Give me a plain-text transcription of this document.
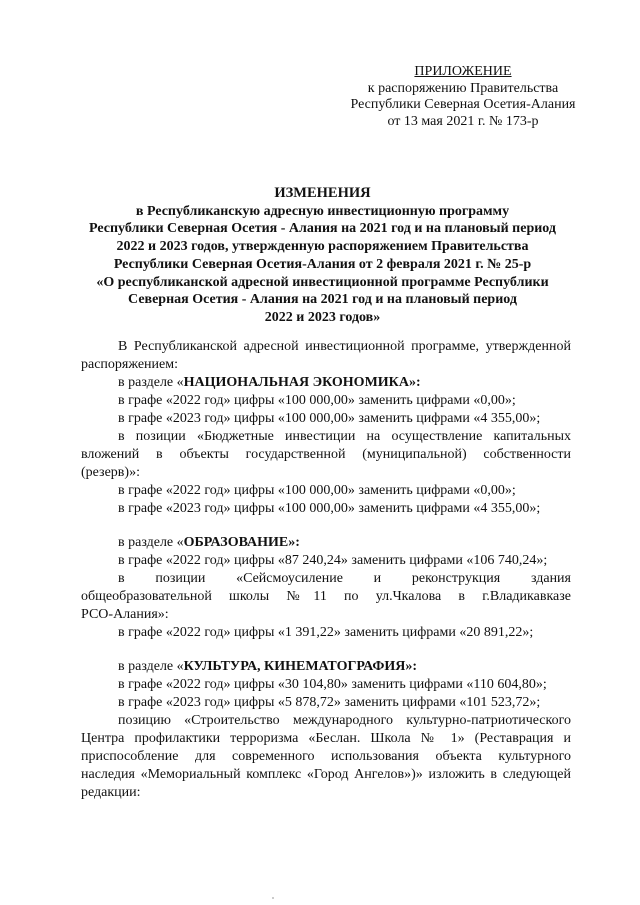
ПРИЛОЖЕНИЕ
к распоряжению Правительства
Республики Северная Осетия-Алания
от 13 мая 2021 г. № 173-р
ИЗМЕНЕНИЯ
в Республиканскую адресную инвестиционную программу
Республики Северная Осетия - Алания на 2021 год и на плановый период
2022 и 2023 годов, утвержденную распоряжением Правительства
Республики Северная Осетия-Алания от 2 февраля 2021 г. № 25-р
«О республиканской адресной инвестиционной программе Республики
Северная Осетия - Алания на 2021 год и на плановый период
2022 и 2023 годов»
В Республиканской адресной инвестиционной программе, утвержденной
распоряжением:
в разделе «НАЦИОНАЛЬНАЯ ЭКОНОМИКА»:
в графе «2022 год» цифры «100 000,00» заменить цифрами «0,00»;
в графе «2023 год» цифры «100 000,00» заменить цифрами «4 355,00»;
в позиции «Бюджетные инвестиции на осуществление капитальных
вложений в объекты государственной (муниципальной) собственности
(резерв)»:
в графе «2022 год» цифры «100 000,00» заменить цифрами «0,00»;
в графе «2023 год» цифры «100 000,00» заменить цифрами «4 355,00»;
в разделе «ОБРАЗОВАНИЕ»:
в графе «2022 год» цифры «87 240,24» заменить цифрами «106 740,24»;
в позиции «Сейсмоусиление и реконструкция здания
общеобразовательной школы №11 по ул.Чкалова в г.Владикавказе
РСО-Алания»:
в графе «2022 год» цифры «1 391,22» заменить цифрами «20 891,22»;
в разделе «КУЛЬТУРА, КИНЕМАТОГРАФИЯ»:
в графе «2022 год» цифры «30 104,80» заменить цифрами «110 604,80»;
в графе «2023 год» цифры «5 878,72» заменить цифрами «101 523,72»;
позицию «Строительство международного культурно-патриотического
Центра профилактики терроризма «Беслан. Школа № 1» (Реставрация и
приспособление для современного использования объекта культурного
наследия «Мемориальный комплекс «Город Ангелов»)» изложить в следующей
редакции:
